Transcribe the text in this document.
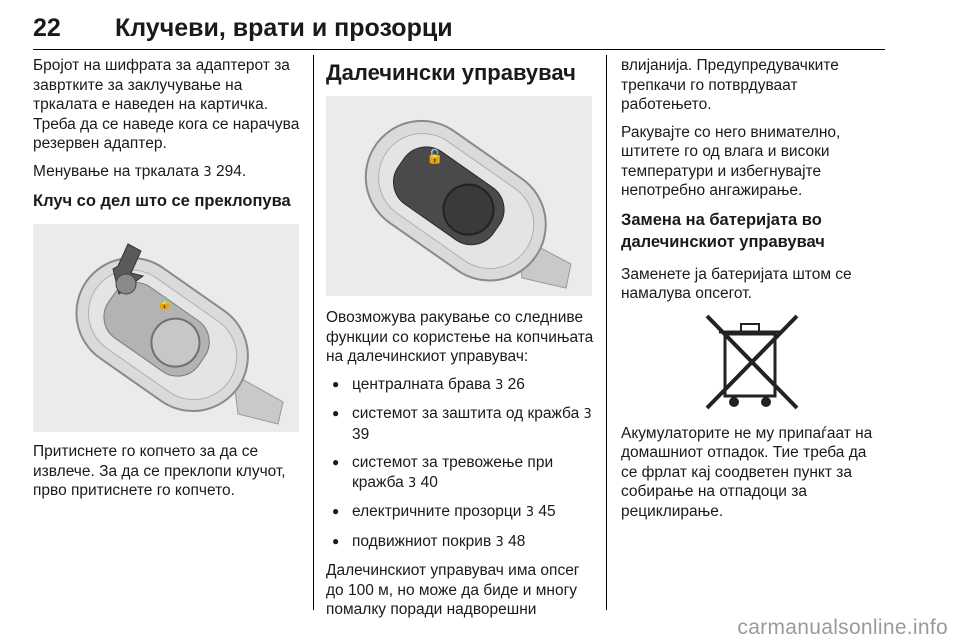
22 Клучеви, врати и прозорци

Бројот на шифрата за адаптерот за завртките за заклучување на тркалата е наведен на картичка. Треба да се наведе кога се нарачува резервен адаптер.

Менување на тркалата 3 294.

Клуч со дел што се преклопува
🔓

Притиснете го копчето за да се извлече. За да се преклопи клучот, прво притиснете го копчето.

Далечински управувач
🔓

Овозможува ракување со следниве функции со користење на копчињата на далечинскиот управувач:

● централната брава 3 26
● системот за заштита од кражба 3 39
● системот за тревожење при кражба 3 40
● електричните прозорци 3 45
● подвижниот покрив 3 48

Далечинскиот управувач има опсег до 100 м, но може да биде и многу помалку поради надворешни

влијанија. Предупредувачките трепкачи го потврдуваат работењето.

Ракувајте со него внимателно, штитете го од влага и високи температури и избегнувајте непотребно ангажирање.

Замена на батеријата во далечинскиот управувач

Заменете ја батеријата штом се намалува опсегот.

Акумулаторите не му припаѓаат на домашниот отпадок. Тие треба да се фрлат кај соодветен пункт за собирање на отпадоци за рециклирање.

carmanualsonline.info
